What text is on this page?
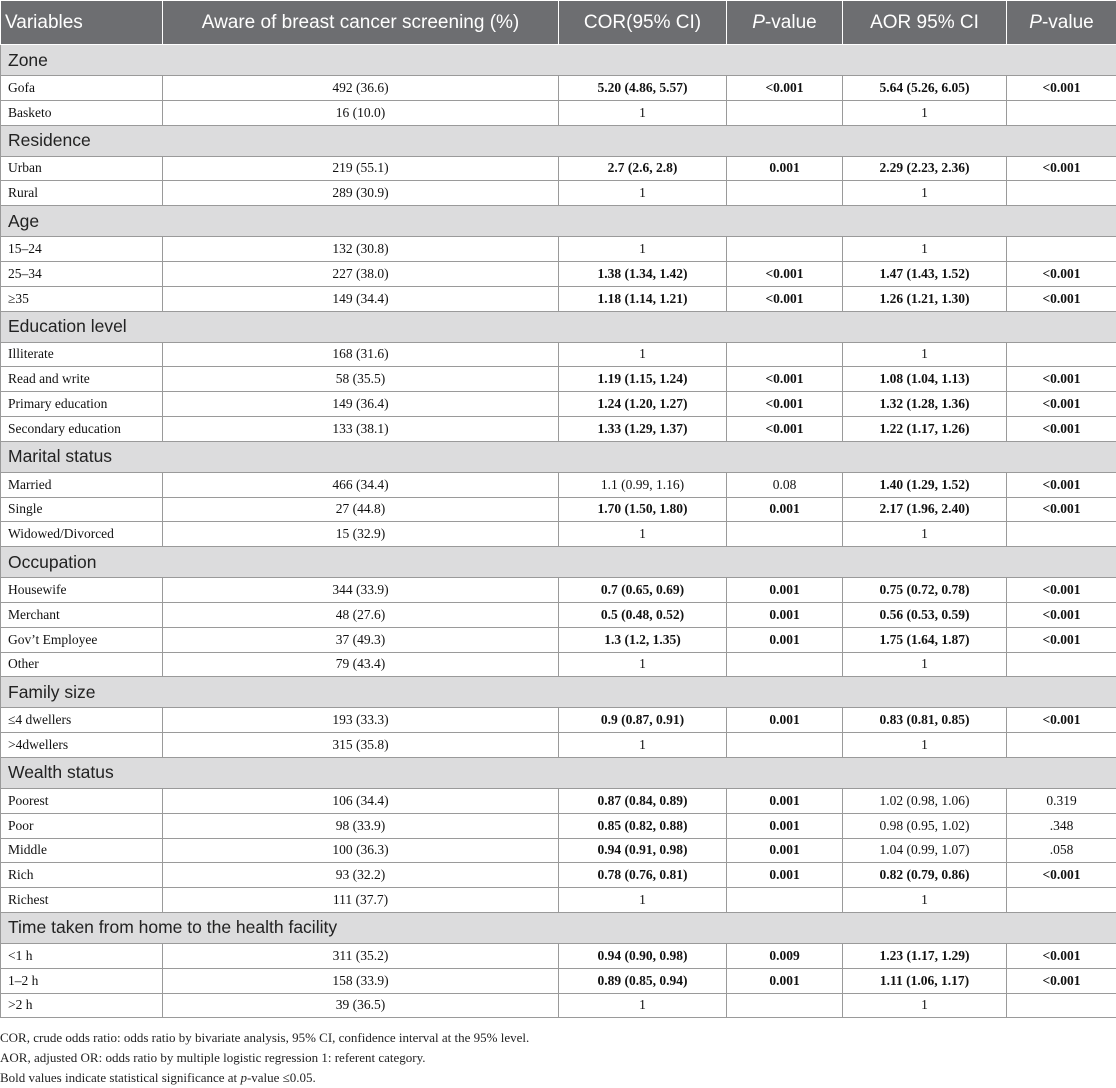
Variables	Aware of breast cancer screening (%)	COR(95% CI)	P-value	AOR 95% CI	P-value
Zone					
Gofa	492 (36.6)	5.20 (4.86, 5.57)	<0.001	5.64 (5.26, 6.05)	<0.001
Basketo	16 (10.0)	1		1	
Residence					
Urban	219 (55.1)	2.7 (2.6, 2.8)	0.001	2.29 (2.23, 2.36)	<0.001
Rural	289 (30.9)	1		1	
Age					
15–24	132 (30.8)	1		1	
25–34	227 (38.0)	1.38 (1.34, 1.42)	<0.001	1.47 (1.43, 1.52)	<0.001
≥35	149 (34.4)	1.18 (1.14, 1.21)	<0.001	1.26 (1.21, 1.30)	<0.001
Education level					
Illiterate	168 (31.6)	1		1	
Read and write	58 (35.5)	1.19 (1.15, 1.24)	<0.001	1.08 (1.04, 1.13)	<0.001
Primary education	149 (36.4)	1.24 (1.20, 1.27)	<0.001	1.32 (1.28, 1.36)	<0.001
Secondary education	133 (38.1)	1.33 (1.29, 1.37)	<0.001	1.22 (1.17, 1.26)	<0.001
Marital status					
Married	466 (34.4)	1.1 (0.99, 1.16)	0.08	1.40 (1.29, 1.52)	<0.001
Single	27 (44.8)	1.70 (1.50, 1.80)	0.001	2.17 (1.96, 2.40)	<0.001
Widowed/Divorced	15 (32.9)	1		1	
Occupation					
Housewife	344 (33.9)	0.7 (0.65, 0.69)	0.001	0.75 (0.72, 0.78)	<0.001
Merchant	48 (27.6)	0.5 (0.48, 0.52)	0.001	0.56 (0.53, 0.59)	<0.001
Gov’t Employee	37 (49.3)	1.3 (1.2, 1.35)	0.001	1.75 (1.64, 1.87)	<0.001
Other	79 (43.4)	1		1	
Family size					
≤4 dwellers	193 (33.3)	0.9 (0.87, 0.91)	0.001	0.83 (0.81, 0.85)	<0.001
>4dwellers	315 (35.8)	1		1	
Wealth status					
Poorest	106 (34.4)	0.87 (0.84, 0.89)	0.001	1.02 (0.98, 1.06)	0.319
Poor	98 (33.9)	0.85 (0.82, 0.88)	0.001	0.98 (0.95, 1.02)	.348
Middle	100 (36.3)	0.94 (0.91, 0.98)	0.001	1.04 (0.99, 1.07)	.058
Rich	93 (32.2)	0.78 (0.76, 0.81)	0.001	0.82 (0.79, 0.86)	<0.001
Richest	111 (37.7)	1		1	
Time taken from home to the health facility					
<1 h	311 (35.2)	0.94 (0.90, 0.98)	0.009	1.23 (1.17, 1.29)	<0.001
1–2 h	158 (33.9)	0.89 (0.85, 0.94)	0.001	1.11 (1.06, 1.17)	<0.001
>2 h	39 (36.5)	1		1	
COR, crude odds ratio: odds ratio by bivariate analysis, 95% CI, confidence interval at the 95% level.
AOR, adjusted OR: odds ratio by multiple logistic regression 1: referent category.
Bold values indicate statistical significance at p-value ≤0.05.
